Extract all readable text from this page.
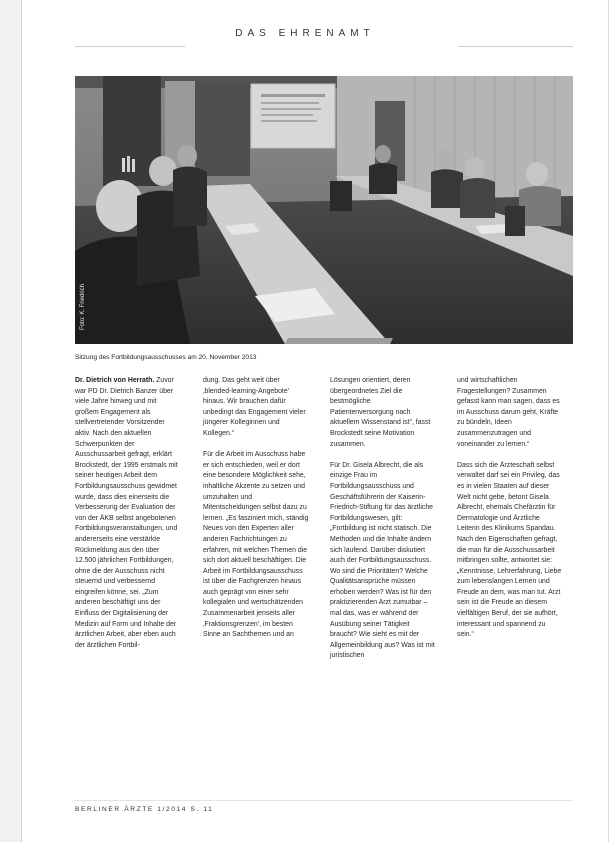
DAS EHRENAMT
Foto: K. Friedrich
Sitzung des Fortbildungsausschusses am 20. November 2013

Dr. Dietrich von Herrath. Zuvor war PD Dr. Dietrich Banzer über viele Jahre hinweg und mit großem Engagement als stellvertretender Vorsitzender aktiv. Nach den aktuellen Schwerpunkten der Ausschussarbeit gefragt, erklärt Brockstedt, der 1995 erstmals mit seiner heutigen Arbeit dem Fortbildungsausschuss gewidmet wurde, dass dies einerseits die Verbesserung der Evaluation der von der ÄKB selbst angebotenen Fortbildungsveranstaltungen, und andererseits eine verstärkte Rückmeldung aus den über 12.500 jährlichen Fortbildungen, ohne die der Ausschuss nicht steuernd und verbessernd eingreifen könne, sei. „Zum anderen beschäftigt uns der Einfluss der Digitalisierung der Medizin auf Form und Inhalte der ärztlichen Arbeit, aber eben auch der ärztlichen Fortbil-

dung. Das geht weit über ‚blended-learning-Angebote' hinaus. Wir brauchen dafür unbedingt das Engagement vieler jüngerer Kolleginnen und Kollegen.“

Für die Arbeit im Ausschuss habe er sich entschieden, weil er dort eine besondere Möglichkeit sehe, inhaltliche Akzente zu setzen und umzuhalten und Mitentscheidungen selbst dazu zu lernen. „Es fasziniert mich, ständig Neues von den Experten aller anderen Fachrichtungen zu erfahren, mit welchen Themen die sich dort aktuell beschäftigen. Die Arbeit im Fortbildungsausschuss ist über die Fachgrenzen hinaus auch geprägt von einer sehr kollegialen und wertschätzenden Zusammenarbeit jenseits aller ‚Fraktionsgrenzen', im besten Sinne an Sachthemen und an

Lösungen orientiert, deren übergeordnetes Ziel die bestmögliche Patientenversorgung nach aktuellem Wissenstand ist“, fasst Brockstedt seine Motivation zusammen.

Für Dr. Gisela Albrecht, die als einzige Frau im Fortbildungsausschuss und Geschäftsführerin der Kaiserin-Friedrich-Stiftung für das ärztliche Fortbildungswesen, gilt: „Fortbildung ist nicht statisch. Die Methoden und die Inhalte ändern sich laufend. Darüber diskutiert auch der Fortbildungsausschuss. Wo sind die Prioritäten? Welche Qualitätsansprüche müssen erhoben werden? Was ist für den praktizierenden Arzt zumutbar – mal das, was er während der Ausübung seiner Tätigkeit braucht? Wie sieht es mit der Allgemeinbildung aus? Was ist mit juristischen

und wirtschaftlichen Fragestellungen? Zusammen gefasst kann man sagen, dass es im Ausschuss darum geht, Kräfte zu bündeln, Ideen zusammenzutragen und voneinander zu lernen.“

Dass sich die Ärzteschaft selbst verwaltet darf sei ein Privileg, das es in vielen Staaten auf dieser Welt nicht gebe, betont Gisela Albrecht, ehemals Chefärztin für Dermatologie und Ärztliche Leiterin des Klinikums Spandau. Nach den Eigenschaften gefragt, die man für die Ausschussarbeit mitbringen sollte, antwortet sie: „Kenntnisse, Lehrerfahrung, Liebe zum lebenslangen Lernen und Freude an dem, was man tut. Arzt sein ist die Freude an diesem vielfältigen Beruf, der sie aufhört, interessant und spannend zu sein.“

BERLINER ÄRZTE 1/2014 S. 11
